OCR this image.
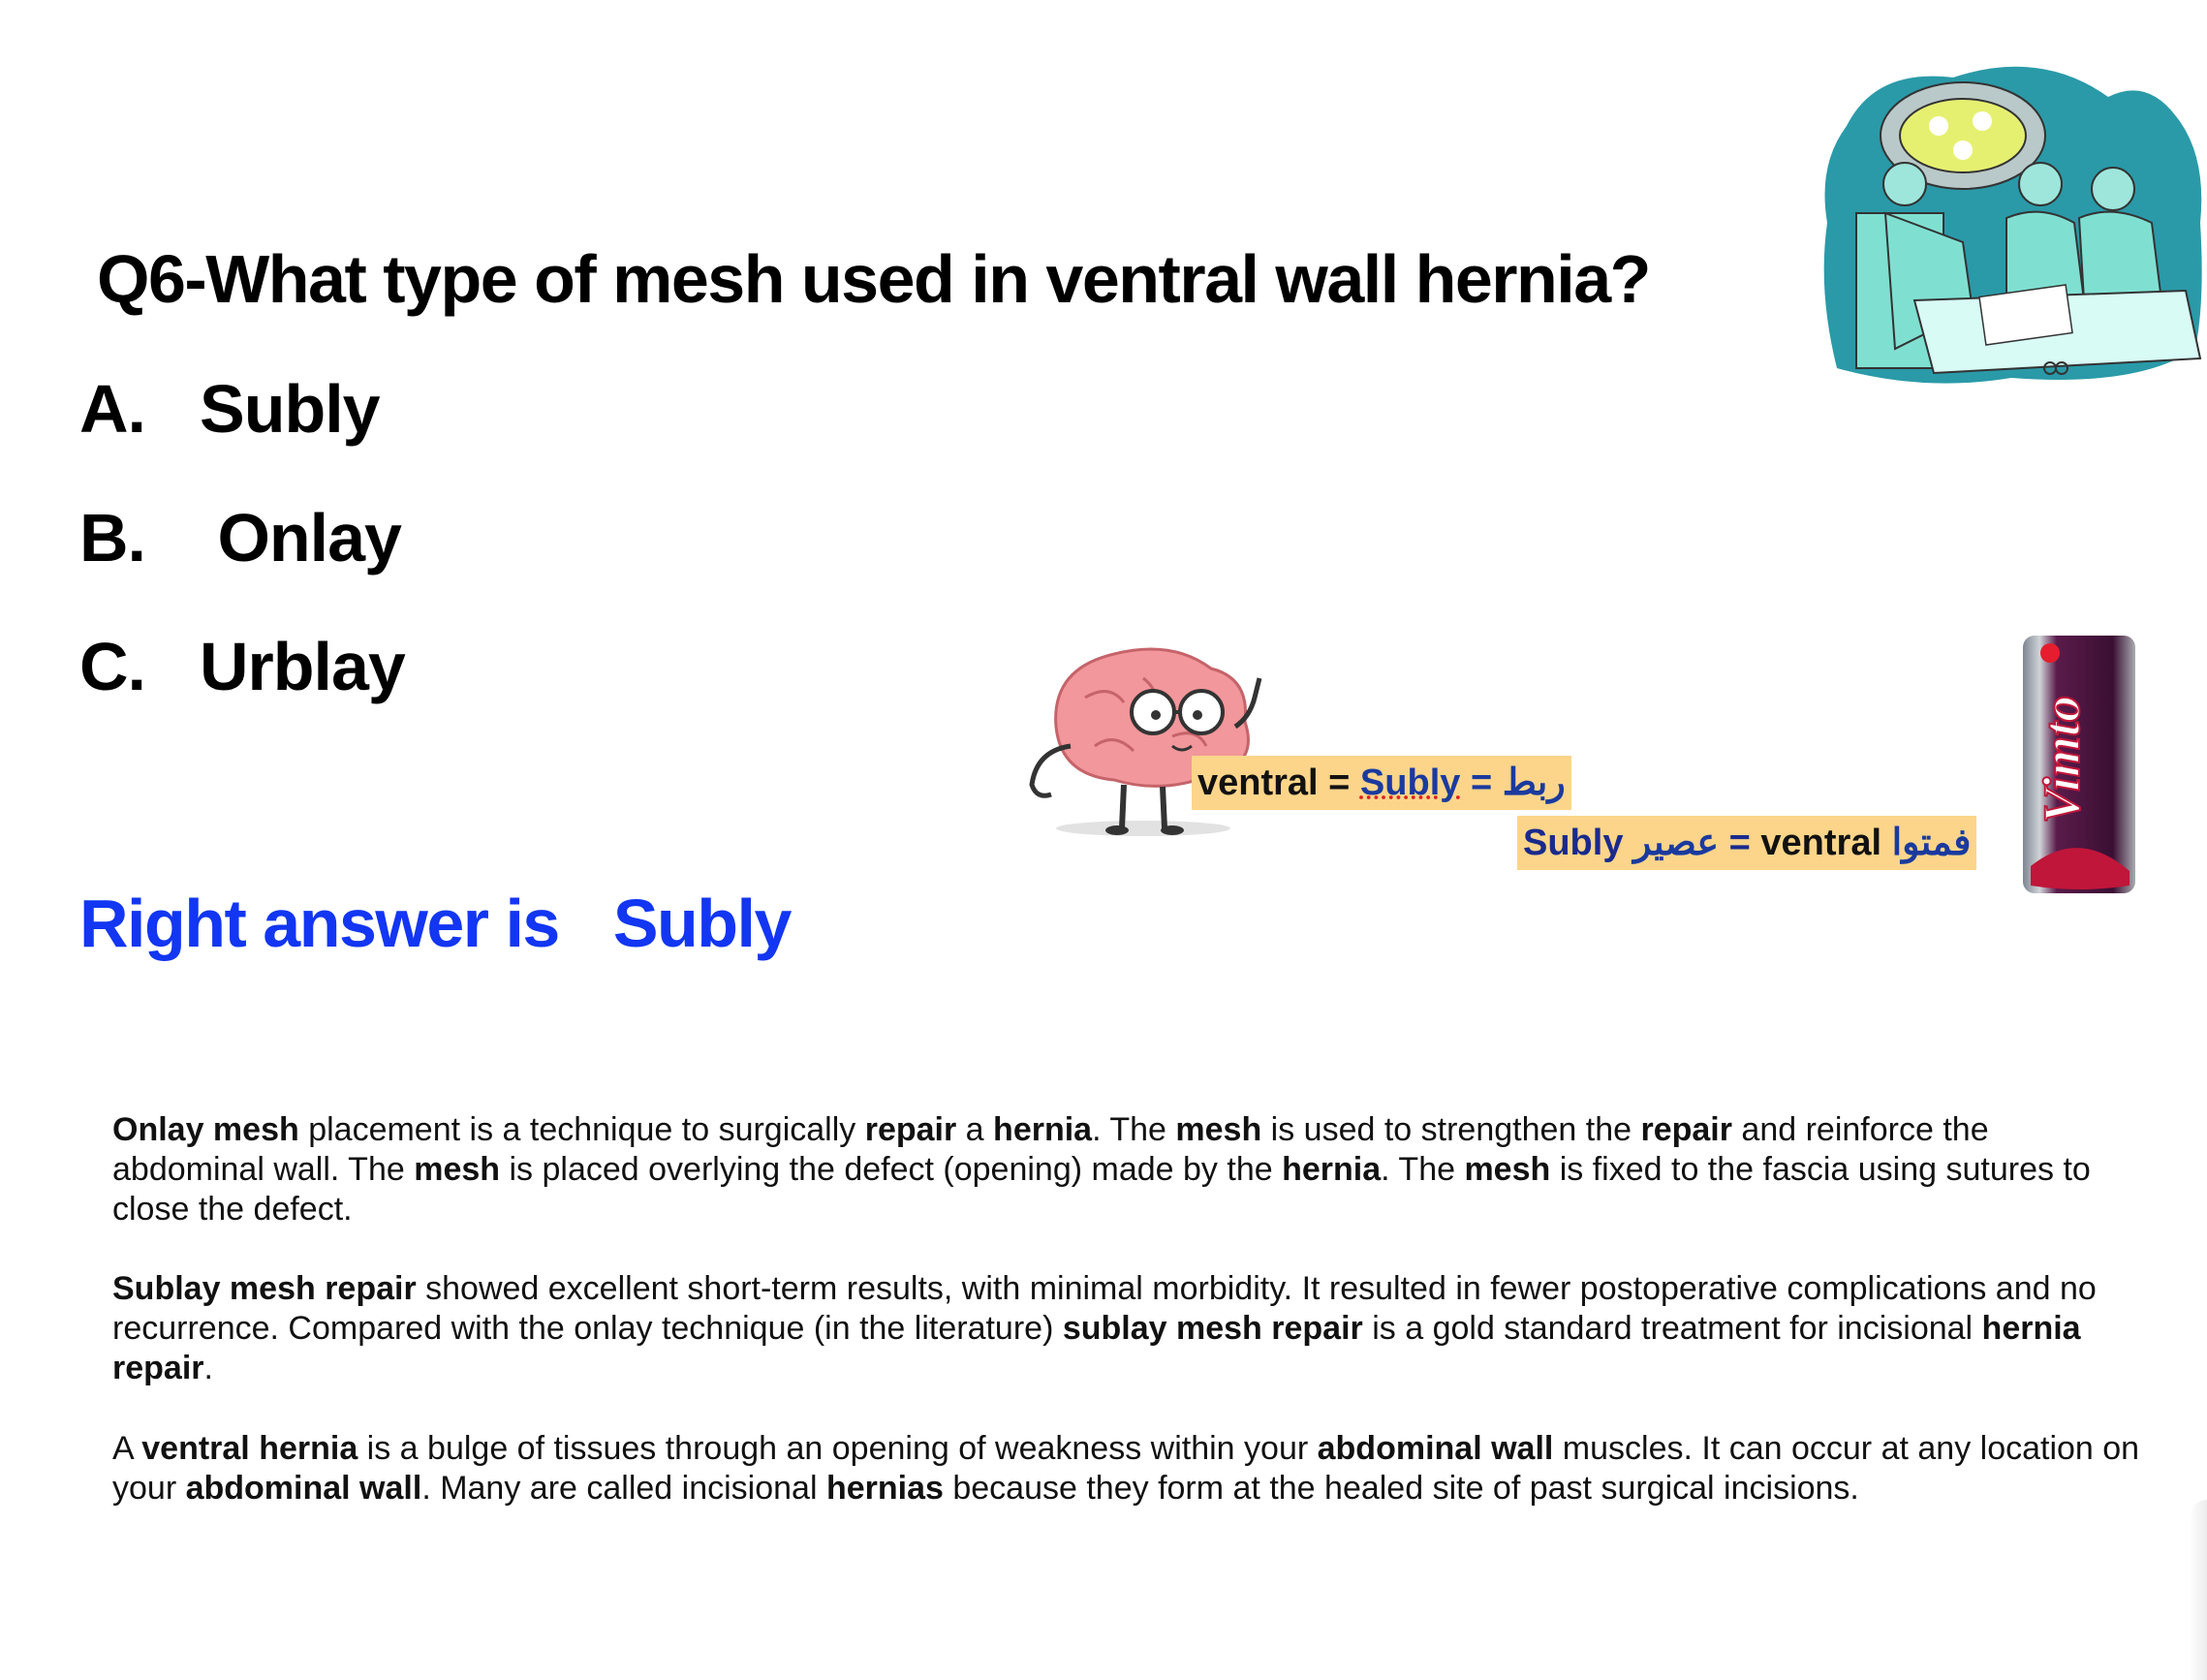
Q6-What type of mesh used in ventral wall hernia?
A. Subly
B. Onlay
C. Urblay
Right answer is Subly
ventral = Subly = ربط
Subly عصير = ventral فمتوا
Vimto
Onlay mesh placement is a technique to surgically repair a hernia. The mesh is used to strengthen the repair and reinforce the abdominal wall. The mesh is placed overlying the defect (opening) made by the hernia. The mesh is fixed to the fascia using sutures to close the defect.
Sublay mesh repair showed excellent short-term results, with minimal morbidity. It resulted in fewer postoperative complications and no recurrence. Compared with the onlay technique (in the literature) sublay mesh repair is a gold standard treatment for incisional hernia repair.
A ventral hernia is a bulge of tissues through an opening of weakness within your abdominal wall muscles. It can occur at any location on your abdominal wall. Many are called incisional hernias because they form at the healed site of past surgical incisions.
